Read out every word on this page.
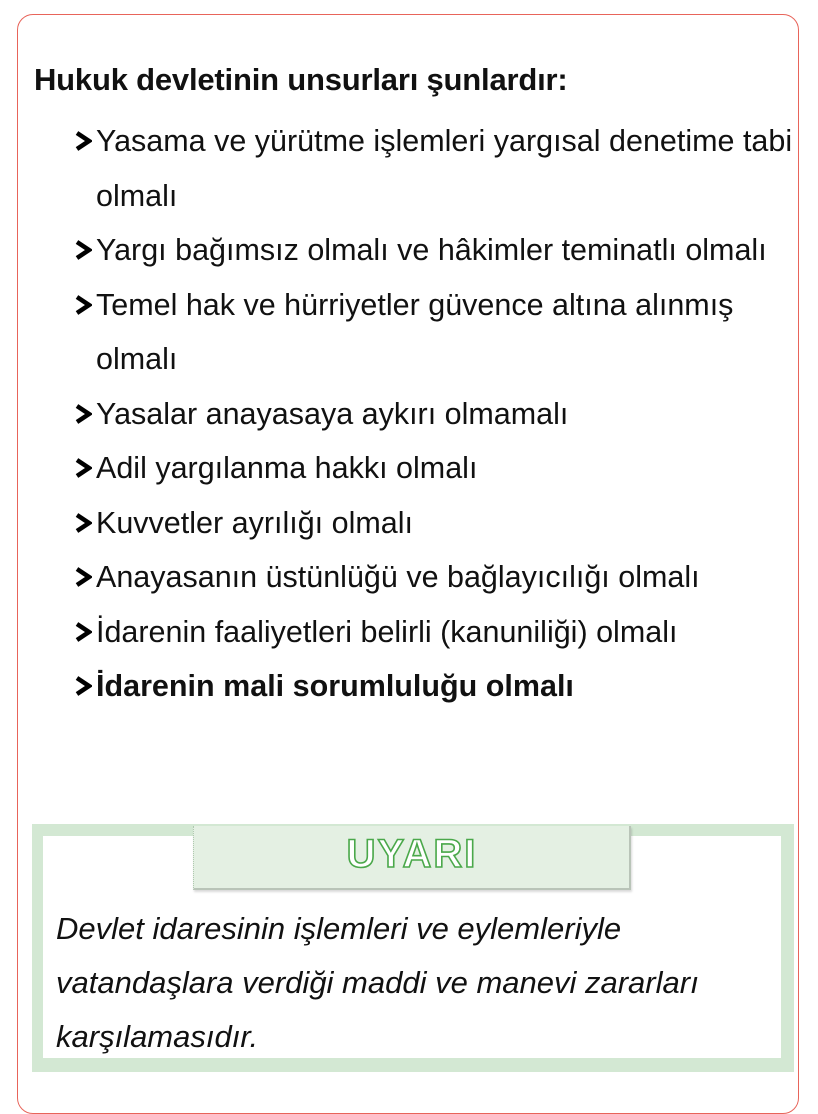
Hukuk devletinin unsurları şunlardır:
Yasama ve yürütme işlemleri yargısal denetime tabi olmalı
Yargı bağımsız olmalı ve hâkimler teminatlı olmalı
Temel hak ve hürriyetler güvence altına alınmış olmalı
Yasalar anayasaya aykırı olmamalı
Adil yargılanma hakkı olmalı
Kuvvetler ayrılığı olmalı
Anayasanın üstünlüğü ve bağlayıcılığı olmalı
İdarenin faaliyetleri belirli (kanuniliği) olmalı
İdarenin mali sorumluluğu olmalı
UYARI
Devlet idaresinin işlemleri ve eylemleriyle vatandaşlara verdiği maddi ve manevi zararları karşılamasıdır.
